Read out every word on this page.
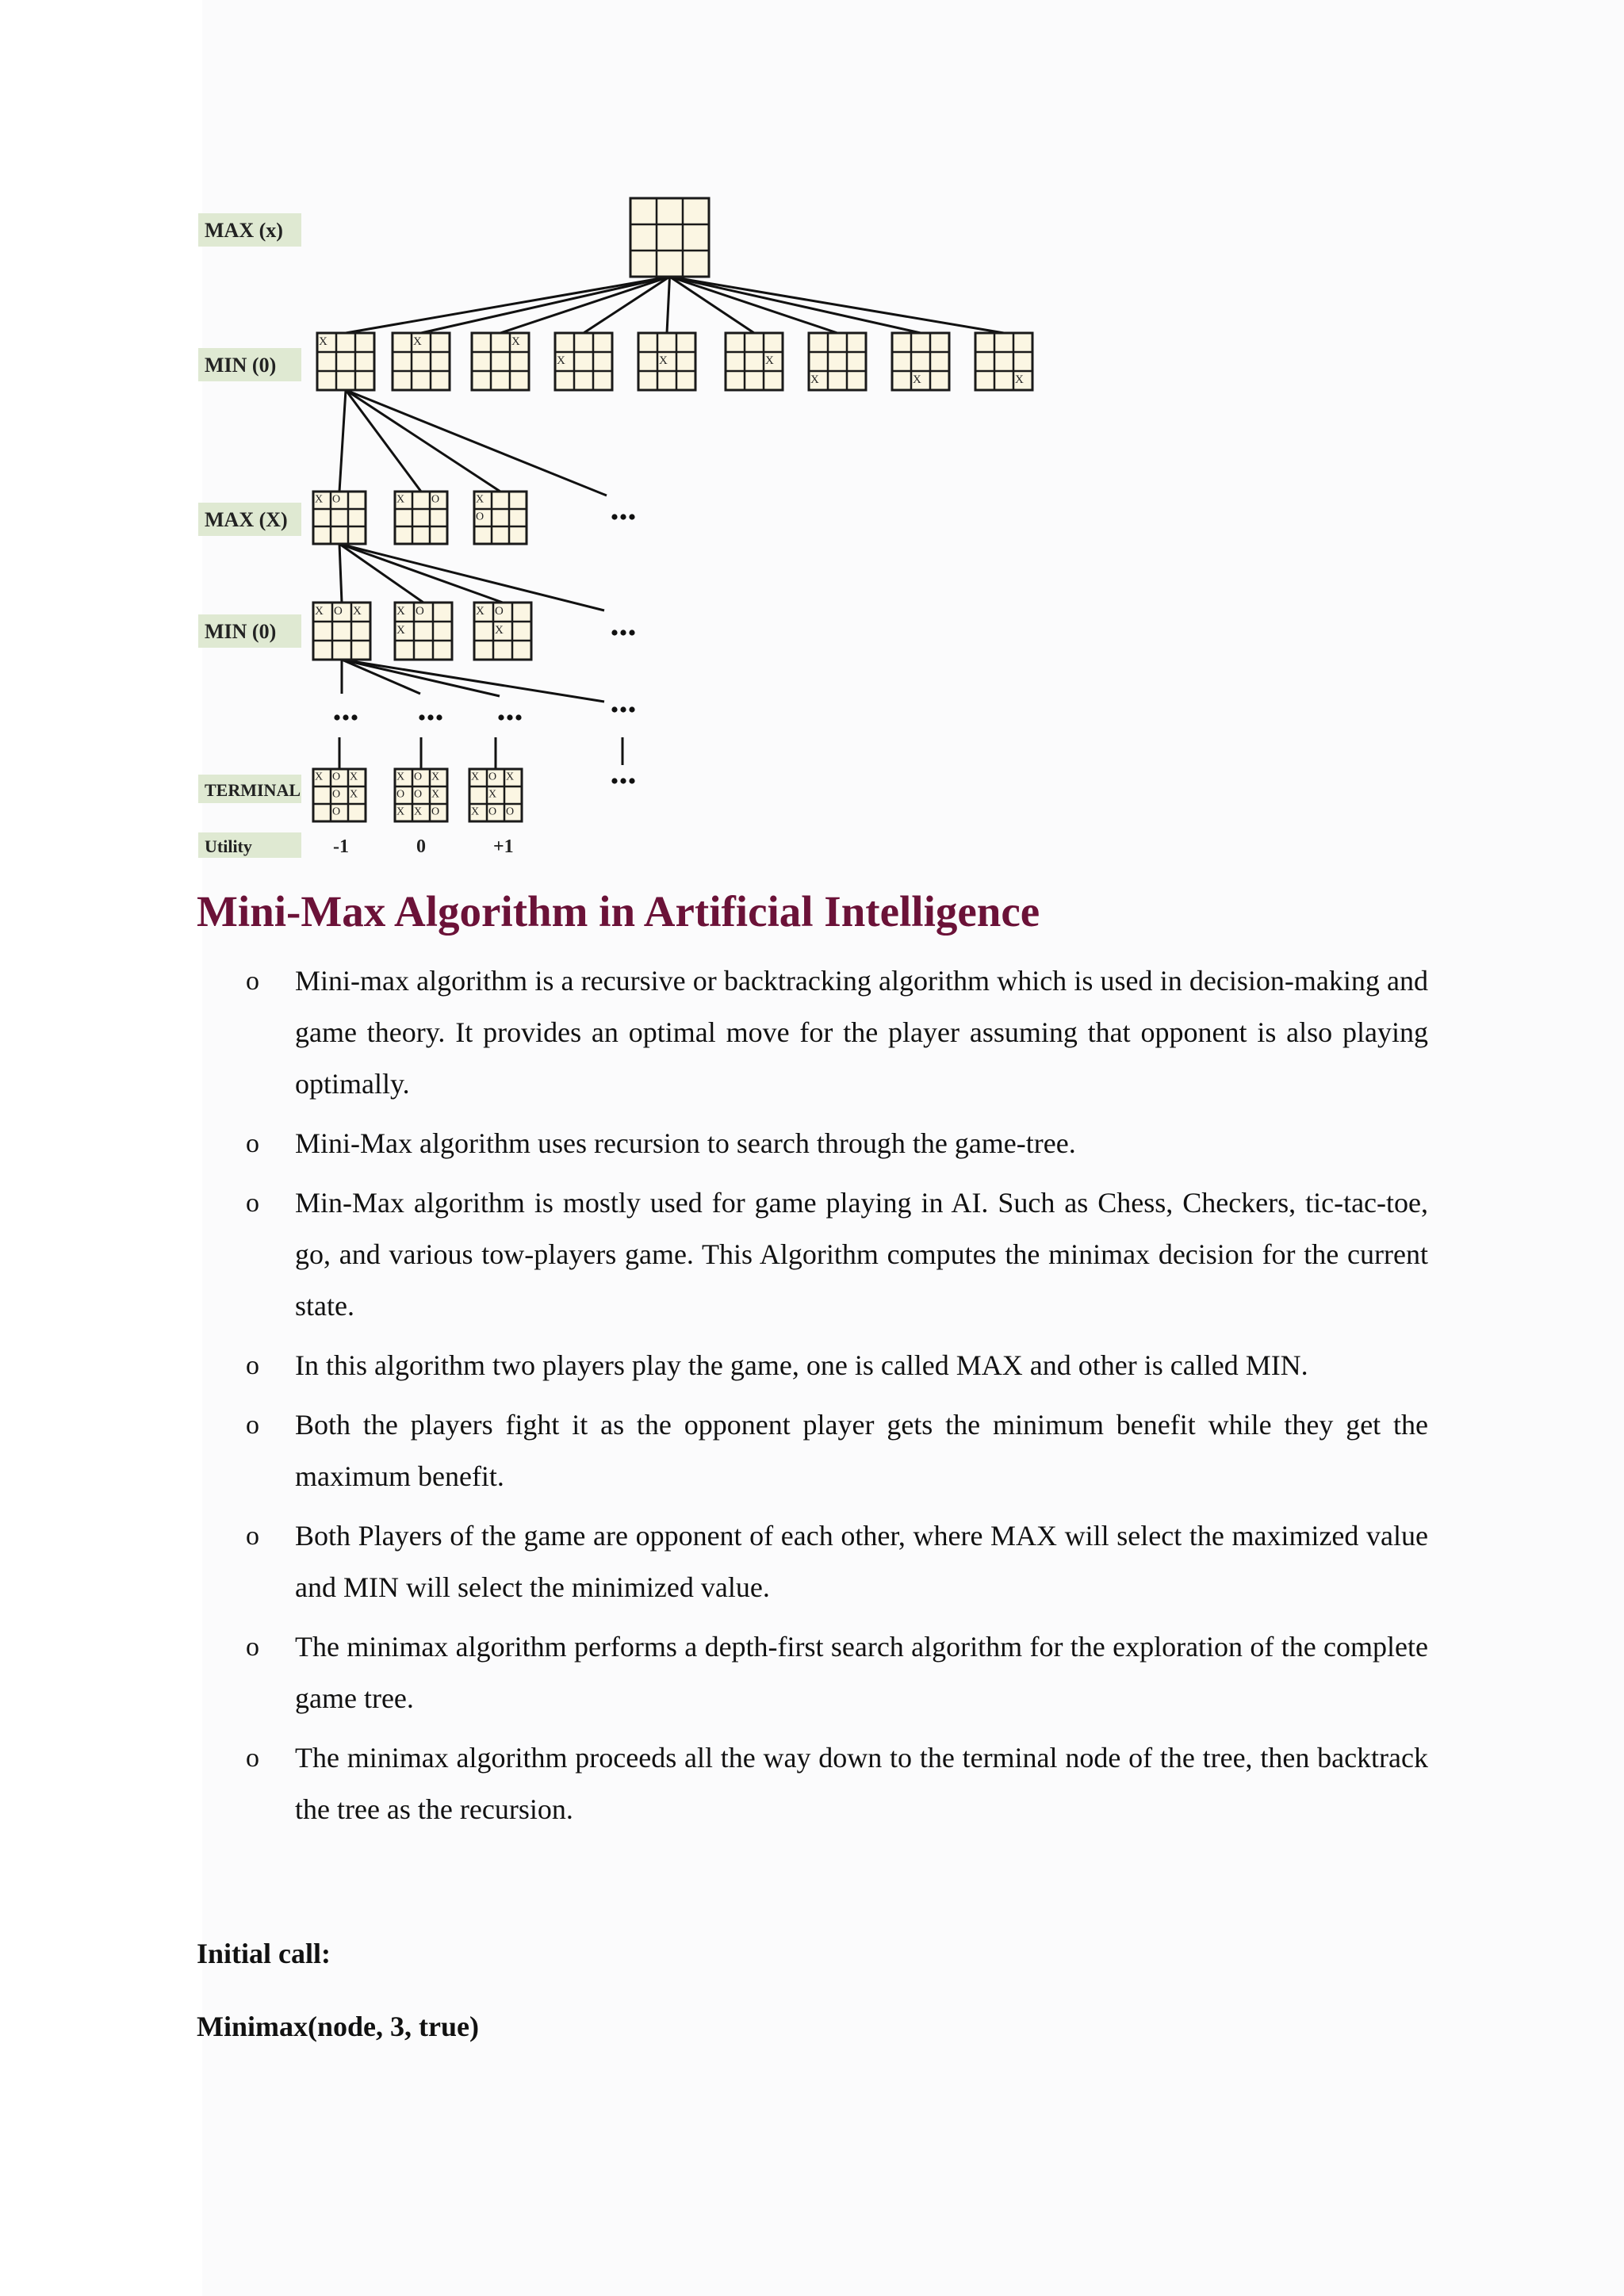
MAX (x)
MIN (0)
MAX (X)
MIN (0)
TERMINAL
Utility
X	X	X
X	X	X
X	X	X
X O	X O	X
O
X O X	X O
X
X O
X
X O X
O X
O
X O X
O O X
X X O
X O X
X
X O O
-1	0	+1
Mini-Max Algorithm in Artificial Intelligence
o Mini-max algorithm is a recursive or backtracking algorithm which is used in decision-making and game theory. It provides an optimal move for the player assuming that opponent is also playing optimally.
o Mini-Max algorithm uses recursion to search through the game-tree.
o Min-Max algorithm is mostly used for game playing in AI. Such as Chess, Checkers, tic-tac-toe, go, and various tow-players game. This Algorithm computes the minimax decision for the current state.
o In this algorithm two players play the game, one is called MAX and other is called MIN.
o Both the players fight it as the opponent player gets the minimum benefit while they get the maximum benefit.
o Both Players of the game are opponent of each other, where MAX will select the maximized value and MIN will select the minimized value.
o The minimax algorithm performs a depth-first search algorithm for the exploration of the complete game tree.
o The minimax algorithm proceeds all the way down to the terminal node of the tree, then backtrack the tree as the recursion.

Initial call:

Minimax(node, 3, true)
